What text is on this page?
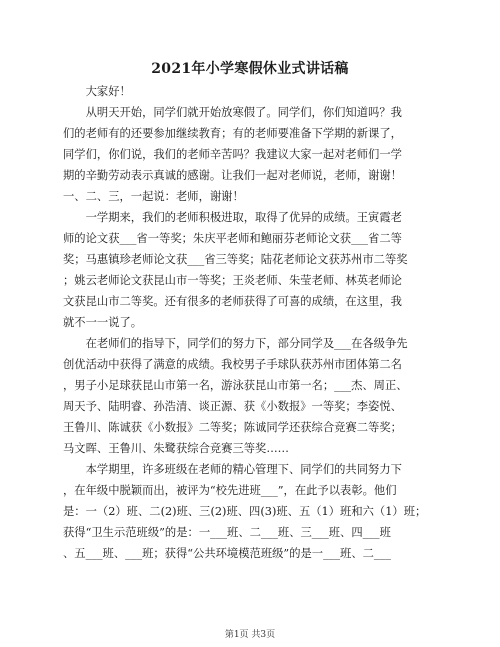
2021年小学寒假休业式讲话稿
　　大家好！
　　从明天开始，同学们就开始放寒假了。同学们，你们知道吗？我
们的老师有的还要参加继续教育；有的老师要准备下学期的新课了，
同学们，你们说，我们的老师辛苦吗？我建议大家一起对老师们一学
期的辛勤劳动表示真诚的感谢。让我们一起对老师说，老师，谢谢！
一、二、三，一起说：老师，谢谢！
　　一学期来，我们的老师积极进取，取得了优异的成绩。王寅霞老
师的论文获___省一等奖；朱庆平老师和鲍丽芬老师论文获___省二等
奖；马惠镇珍老师论文获___省三等奖；陆花老师论文获苏州市二等奖
；姚云老师论文获昆山市一等奖；王炎老师、朱莹老师、林英老师论
文获昆山市二等奖。还有很多的老师获得了可喜的成绩，在这里，我
就不一一说了。
　　在老师们的指导下，同学们的努力下，部分同学及___在各级争先
创优活动中获得了满意的成绩。我校男子手球队获苏州市团体第二名
，男子小足球获昆山市第一名，游泳获昆山市第一名；___杰、周正、
周天予、陆明睿、孙浩清、谈正源、获《小数报》一等奖；李姿悦、
王鲁川、陈诚获《小数报》二等奖；陈诚同学还获综合竞赛二等奖；
马文晖、王鲁川、朱鹭获综合竞赛三等奖……
　　本学期里，许多班级在老师的精心管理下、同学们的共同努力下
，在年级中脱颖而出，被评为“校先进班___”，在此予以表彰。他们
是：一（2）班、二(2)班、三(2)班、四(3)班、五（1）班和六（1）班；
获得“卫生示范班级”的是：一___班、二___班、三___班、四___班
、五___班、___班；获得“公共环境模范班级”的是一___班、二___
第1页 共3页
